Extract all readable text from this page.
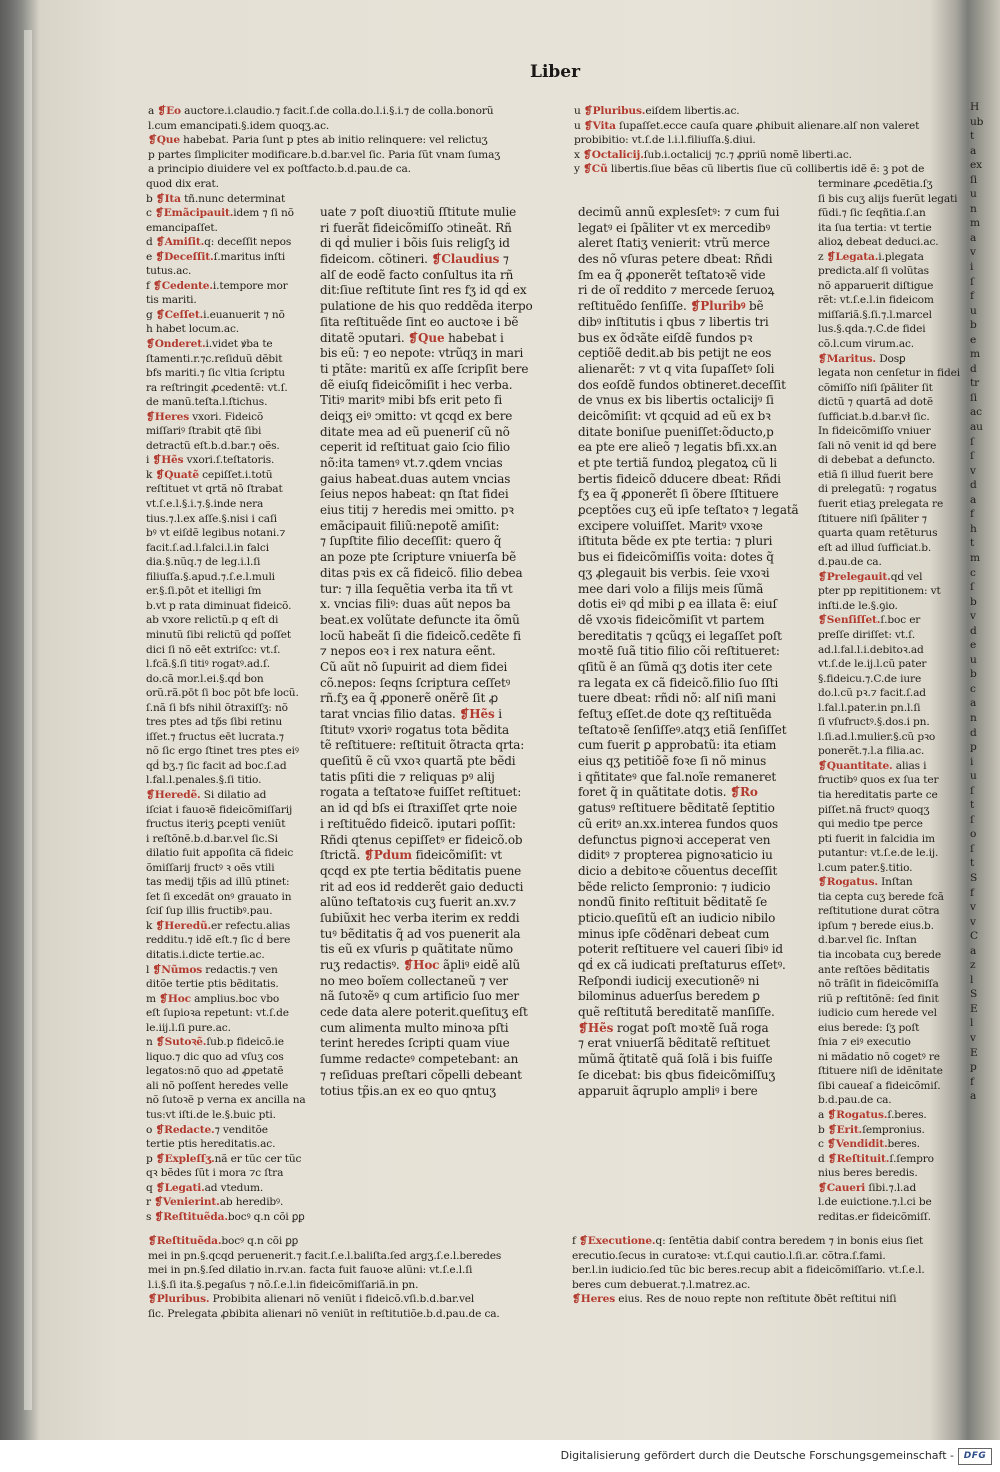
Liber
a ❡Eo auctore.i.claudio.⁊ facit.ſ.de colla.do.l.i.§.i.⁊ de colla.bonorũ
l.cum emancipati.§.idem quoqʒ.ac.
❡Que habebat. Paria ſunt p ptes ab initio relinquere: vel relictuʒ
p partes ſimpliciter modificare.b.d.bar.vel ſic. Paria ſũt vnam ſumaʒ
a principio diuidere vel ex poſtfacto.b.d.pau.de ca.
u ❡Pluribus.eiſdem libertis.ac.
u ❡Vita ſupaſſet.ecce cauſa quare ꝓhibuit alienare.alſ non valeret
probibitio: vt.ſ.de l.i.l.filiuſſa.§.diui.
x ❡Octalicij.ſub.i.octalicij ⁊c.⁊ ꝓpriũ nomẽ liberti.ac.
y ❡Cũ libertis.ſiue bẽas cũ libertis ſiue cũ collibertis idẽ ẽ: ꝫ pot de
quod dix erat.
b ❡Ita tñ.nunc determinat
c ❡Emãcipauit.idem ⁊ ſi nõ
emancipaſſet.
d ❡Amiſit.q: deceſſit nepos
e ❡Deceſſit.ſ.maritus inſti
tutus.ac.
f ❡Cedente.i.tempore mor
tis mariti.
g ❡Ceſſet.i.euanuerit ⁊ nõ
h habet locum.ac.
❡Onderet.i.videt ꝟba te
ſtamenti.r.⁊c.reſiduũ dẽbit
bfs mariti.⁊ ſic vltia ſcriptu
ra reſtringit ꝓcedentẽ: vt.ſ.
de manũ.teſta.l.ſtichus.
❡Heres vxori. Fideicõ
miſſariꝰ ſtrabit qtẽ ſibi
detractũ eſt.b.d.bar.⁊ oẽs.
i ❡Hẽs vxori.ſ.teſtatoris.
k ❡Quatẽ cepiſſet.i.totũ
reſtituet vt qrtã nõ ſtrabat
vt.ſ.e.l.§.i.⁊.§.inde nera
tius.⁊.l.ex aſſe.§.nisi i caſi
bꝰ vt eiſdẽ legibus notani.⁊
facit.ſ.ad.l.falci.l.in falci
dia.§.nũq.⁊ de leg.i.l.ſi
filiuſſa.§.apud.⁊.ſ.e.l.muli
er.§.ſi.pōt et itelligi ſm
b.vt p rata diminuat fideicõ.
ab vxore relictũ.p q eſt di
minutũ ſibi relictũ qḋ poſſet
dici ſi nõ eēt extriſcc: vt.ſ.
l.fcã.§.ſi titiꝰ rogatꝰ.ad.ſ.
do.cã mor.l.ei.§.qḋ bon
orũ.rã.pōt ſi boc pōt bfe locũ.
ſ.nã ſi bfs nihil õtraxiſſʒ: nõ
tres ptes ad tp̃s ſibi retinu
iſſet.⁊ fructus eēt lucrata.⁊
nõ ſic ergo ſtinet tres ptes eiꝰ
qḋ bʒ.⁊ ſic facit ad boc.ſ.ad
l.fal.l.penales.§.ſi titio.
❡Heredẽ. Si dilatio ad
iſciat i fauoꝛẽ fideicõmiſſarij
fructus iteriʒ ꝑcepti veniũt
i reſtõnẽ.b.d.bar.vel ſic.Si
dilatio fuit appoſita cã fideic
õmiſſarij fructꝰ ꝛ oẽs vtili
tas medij tp̃is ad illũ ptinet:
ſet ſi excedãt onꝰ grauato in
ſciſ ſup illis fructibꝰ.pau.
k ❡Heredũ.er refectu.alias
redditu.⁊ idẽ eſt.⁊ ſic ḋ bere
ditatis.i.dicte tertie.ac.
l ❡Nũmos redactis.⁊ ven
ditõe tertie ptis bẽditatis.
m ❡Hoc amplius.boc vbo
eſt ſupioꝛa repetunt: vt.ſ.de
le.iij.l.ſi pure.ac.
n ❡Sutoꝛẽ.ſub.p fideicõ.ie
liquo.⁊ dic quo ad vſuʒ cos
legatos:nõ quo ad ꝓpetatẽ
ali nõ poſſent heredes velle
nõ ſutoꝛẽ p verna ex ancilla na
tus:vt iſti.de le.§.buic pti.
o ❡Redacte.⁊ venditõe
tertie ptis hereditatis.ac.
p ❡Expleſſʒ.nã er tũc cer tũc
qꝛ bẽdes ſũt i mora ⁊c ſtra
q ❡Legati.ad vtedum.
r ❡Venierint.ab heredibꝰ.
s ❡Reſtituẽda.bocꝰ q.n cõi ꝑꝑ
uate ⁊ poſt diuoꝛtiũ ſſtitute mulie
ri fuerãt fideicõmiſſo ↄtineãt. Rñ
di qḋ mulier i bõis ſuis religſʒ id
fideicom. cõtineri. ❡Claudius ⁊
alſ de eodẽ facto conſultus ita rñ
dit:ſiue reſtitute ſint res fʒ id qḋ ex
pulatione de his quo reddẽda iterpo
ſita reſtituẽde ſint eo auctoꝛe i bẽ
ditatẽ ↄputari. ❡Que habebat i
bis eũ: ⁊ eo nepote: vtrũqʒ in mari
ti ptãte: maritũ ex aſſe ſcripſit bere
dẽ eiuſq fideicõmiſit i hec verba.
Titiꝰ maritꝰ mibi bfs erit peto fi
deiqʒ eiꝰ ↄmitto: vt qcqd ex bere
ditate mea ad eũ pueneriſ cũ nõ
ceperit id reſtituat gaio ſcio filio
nõ:ita tamenꝰ vt.⁊.ꝗdem vncias
gaius habeat.duas autem vncias
ſeius nepos habeat: qn ſtat fidei
eius titij ⁊ heredis mei ↄmitto. pꝛ
emãcipauit filiũ:nepotẽ amiſit:
⁊ ſupſtite filio deceſſit: quero q̃
an poze pte ſcripture vniuerſa bẽ
ditas pꝛis ex cã fideicõ. filio debea
tur: ⁊ illa ſequẽtia verba ita tñ vt
x. vncias filiꝰ: duas aũt nepos ba
beat.ex volũtate defuncte ita õmũ
locũ habeãt ſi die fideicõ.cedẽte fi
⁊ nepos eoꝛ i rex natura eẽnt.
Cũ aũt nõ ſupuirit ad diem fidei
cõ.nepos: ſeqns ſcriptura ceſſetꝰ
rñ.fʒ ea q̃ ꝓponerẽ onẽrẽ ſit ꝓ
tarat vncias filio datas. ❡Hẽs i
ſtitutꝰ vxoriꝰ rogatus tota bẽdita
tẽ reſtituere: reſtituit õtracta qrta:
queſitũ ẽ cũ vxoꝛ quartã pte bẽdi
tatis pſiti die ⁊ reliquas pꝰ alij
rogata a teſtatoꝛe fuiſſet reſtituet:
an id qḋ bſs ei ſtraxiſſet qrte noie
i reſtituẽdo fideicõ. iputari poſſit:
Rñdi qtenus cepiſſetꝰ er fideicõ.ob
ſtrictã. ❡Pdum fideicõmiſit: vt
qcqd ex pte tertia bẽditatis puene
rit ad eos id redderẽt gaio deducti
alũno teſtatoꝛis cuʒ fuerit an.xv.⁊
ſubiũxit hec verba iterim ex reddi
tuꝰ bẽditatis q̃ ad vos puenerit ala
tis eũ ex vſuris p quãtitate nũmo
ruʒ redactisꝰ. ❡Hoc ãpliꝰ eidẽ alũ
no meo boĩem collectaneũ ⁊ ver
nã ſutoꝛẽꝰ q cum artificio ſuo mer
cede data alere poterit.queſituʒ eſt
cum alimenta multo minoꝛa pſti
terint heredes ſcripti quam viue
ſumme redacteꝰ competebant: an
⁊ reſiduas preſtari cõpelli debeant
totius tp̃is.an ex eo quo qntuʒ
decimũ annũ explesſetꝰ: ⁊ cum fui
legatꝰ ei ſpãliter vt ex mercedibꝰ
aleret ſtatiʒ venierit: vtrũ merce
des nõ vſuras petere dbeat: Rñdi
ſm ea q̃ ꝓponerẽt teſtatoꝛẽ vide
ri de oĩ reddito ⁊ mercede ſeruoꝝ
reſtituẽdo ſenſiſſe. ❡Pluribꝰ bẽ
dibꝰ inſtitutis i qbus ⁊ libertis tri
bus ex õdꝛãte eiſdẽ fundos pꝛ
ceptiõẽ dedit.ab bis petijt ne eos
alienarẽt: ⁊ vt q vita ſupaſſetꝰ ſoli
dos eoſdẽ fundos obtineret.deceſſit
de vnus ex bis libertis octalicijꝰ ſi
deicõmiſit: vt qcquid ad eũ ex bꝛ
ditate boniſue pueniſſet:õducto,p
ea pte ere alieõ ⁊ legatis bfi.xx.an
et pte tertiã fundoꝝ plegatoꝝ cũ li
bertis fideicõ dducere dbeat: Rñdi
fʒ ea q̃ ꝓponerẽt ſi õbere ſſtituere
ꝑceptões cuʒ eũ ipſe teſtatoꝛ ⁊ legatã
excipere voluiſſet. Maritꝰ vxoꝛe
iſtituta bẽde ex pte tertia: ⁊ pluri
bus ei fideicõmiſſis voita: dotes q̃
qʒ ꝓlegauit bis verbis. ſeie vxoꝛi
mee dari volo a filijs meis ſũmã
dotis eiꝰ qḋ mibi ꝑ ea illata ẽ: eiuſ
dẽ vxoꝛis fideicõmiſit vt partem
bereditatis ⁊ qcũqʒ ei legaſſet poſt
moꝛtẽ ſuã titio filio cõi reſtitueret:
qſitũ ẽ an ſũmã qʒ dotis iter cete
ra legata ex cã fideicõ.filio ſuo ſſti
tuere dbeat: rñdi nõ: alſ niſi mani
feſtuʒ eſſet.de dote qʒ reſtituẽda
teſtatoꝛẽ ſenſiſſeꝰ.atqʒ etiã ſenſiſſet
cum fuerit ꝑ approbatũ: ita etiam
eius qʒ petitiõẽ foꝛe ſi nõ minus
i qñtitateꝰ que fal.noĩe remaneret
foret q̃ in quãtitate dotis. ❡Ro
gatusꝰ reſtituere bẽditatẽ ſeptitio
cũ eritꝰ an.xx.interea fundos quos
defunctus pignoꝛi acceperat ven
diditꝰ ⁊ propterea pignoꝛaticio iu
dicio a debitoꝛe cõuentus deceſſit
bẽde relicto ſempronio: ⁊ iudicio
nondũ finito reſtituit bẽditatẽ ſe
pticio.queſitũ eſt an iudicio nibilo
minus ipſe cõdẽnari debeat cum
poterit reſtituere vel caueri ſibiꝰ id
qḋ ex cã iudicati preſtaturus eſſetꝰ.
Reſpondi iudicij executionẽꝰ ni
bilominus aduerſus beredem ꝑ
quẽ reſtitutã bereditatẽ manſiſſe.
❡Hẽs rogat poſt moꝛtẽ ſuã roga
⁊ erat vniuerſã bẽditatẽ reſtituet
mũmã q̃titatẽ quã ſolã i bis fuiſſe
ſe dicebat: bis qbus fideicõmiſſuʒ
apparuit ãqruplo ampliꝰ i bere
terminare ꝓcedẽtia.ſʒ
ſi bis cuʒ alijs fuerũt legati
fũdi.⁊ ſic ſeqñtia.ſ.an
ita ſua tertia: vt tertie
alioꝝ debeat deduci.ac.
z ❡Legata.i.plegata
predicta.alſ ſi volũtas
nõ apparuerit diſtigue
rẽt: vt.ſ.e.l.in fideicom
miſſariã.§.ſi.⁊.l.marcel
lus.§.qda.⁊.C.de fidei
cõ.l.cum virum.ac.
❡Maritus. Dosꝑ
legata non cenſetur in fidei
cõmiſſo niſi ſpãliter ſit
dictũ ⁊ quartã ad dotẽ
ſufficiat.b.d.bar.vł ſic.
In fideicõmiſſo vniuer
ſali nõ venit id qḋ bere
di debebat a defuncto.
etiã ſi illud fuerit bere
di prelegatũ: ⁊ rogatus
fuerit etiaʒ prelegata re
ſtituere niſi ſpãliter ⁊
quarta quam retẽturus
eſt ad illud ſufficiat.b.
d.pau.de ca.
❡Prelegauit.qḋ vel
pter pp repititionem: vt
inſti.de le.§.ꝯio.
❡Senſiſſet.ſ.boc er
preſſe diriſſet: vt.ſ.
ad.l.fal.l.i.debitoꝛ.ad
vt.ſ.de le.ij.l.cũ pater
§.fideicu.⁊.C.de iure
do.l.cũ pꝛ.⁊ facit.ſ.ad
l.fal.l.pater.in pn.l.ſi
ſi vſufructꝰ.§.dos.i pn.
l.ſi.ad.l.mulier.§.cũ pꝛo
ponerẽt.⁊.l.a filia.ac.
❡Quantitate. alias i
fructibꝰ quos ex ſua ter
tia hereditatis parte ce
piſſet.nã fructꝰ quoqʒ
qui medio tpe perce
pti fuerit in falcidia im
putantur: vt.ſ.e.de le.ij.
l.cum pater.§.titio.
❡Rogatus. Inſtan
tia cepta cuʒ berede fcã
reſtitutione durat cõtra
ipſum ⁊ berede eius.b.
d.bar.vel ſic. Inſtan
tia incobata cuʒ berede
ante reſtões bẽditatis
nõ trãſit in fideicõmiſſa
riũ p reſtitõnẽ: ſed finit
iudicio cum herede vel
eius berede: ſʒ poſt
ſnia ⁊ eiꝰ executio
ni mãdatio nõ cogetꝰ re
ſtituere niſi de idẽnitate
ſibi caueaſ a fideicõmiſ.
b.d.pau.de ca.
a ❡Rogatus.ſ.beres.
b ❡Erit.ſempronius.
c ❡Vendidit.beres.
d ❡Reſtituit.ſ.ſempro
nius beres beredis.
❡Caueri ſibi.⁊.l.ad
l.de euictione.⁊.l.ci be
reditas.er fideicõmiſſ.
❡Reſtituẽda.bocꝰ q.n cõi ꝑꝑ
mei in pn.§.qcqd peruenerit.⁊ facit.ſ.e.l.baliſta.ſed argʒ.ſ.e.l.beredes
mei in pn.§.ſed dilatio in.rv.an. facta fuit fauoꝛe alũni: vt.ſ.e.l.ſi
l.i.§.ſi ita.§.pegaſus ⁊ nõ.ſ.e.l.in fideicõmiſſariã.in pn.
❡Pluribus. Probibita alienari nõ veniũt i fideicõ.vſi.b.d.bar.vel
ſic. Prelegata ꝓbibita alienari nõ veniũt in reſtitutiõe.b.d.pau.de ca.
f ❡Executione.q: ſentẽtia dabiſ contra beredem ⁊ in bonis eius ſiet
erecutio.ſecus in curatoꝛe: vt.ſ.qui cautio.l.ſi.ar. cõtra.ſ.fami.
ber.l.in iudicio.ſed tũc bic beres.recup abit a fideicõmiſſario. vt.ſ.e.l.
beres cum debuerat.⁊.l.matrez.ac.
❡Heres eius. Res de nouo repte non reſtitute ðbẽt reſtitui niſi
H
ub
t
a
ex
ſi
u
n
m
a
v
i
ſ
f
u
b
e
m
d
tr
ſi
ac
au
ſ
ſ
v
d
a
f
h
t
m
c
ſ
b
v
d
e
u
b
c
a
n
d
p
i
u
ſ
t
ſ
o
ſ
t
S
f
v
v
C
a
z
l
S
E
l
v
E
p
f
a
Digitalisierung gefördert durch die Deutsche Forschungsgemeinschaft -	DFG
